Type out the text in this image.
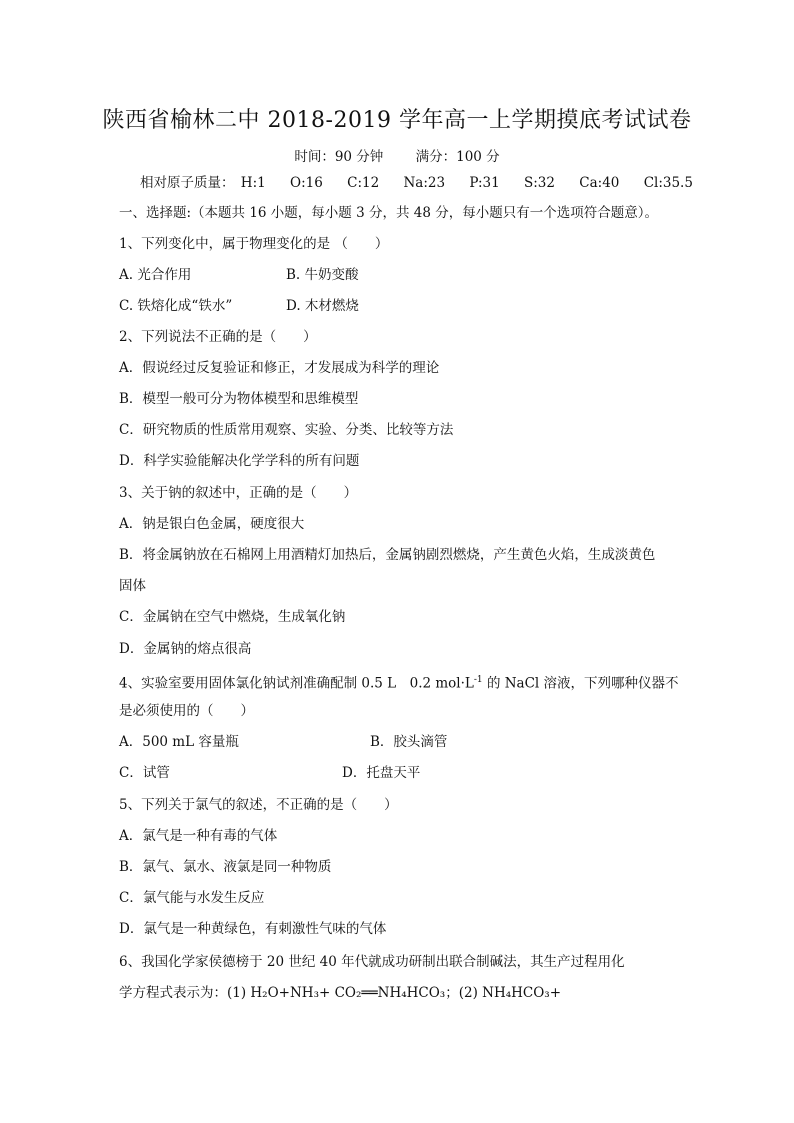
陕西省榆林二中 2018-2019 学年高一上学期摸底考试试卷
时间：90 分钟 满分：100 分
相对原子质量： H:1 O:16 C:12 Na:23 P:31 S:32 Ca:40 Cl:35.5
一、选择题:（本题共 16 小题，每小题 3 分，共 48 分，每小题只有一个选项符合题意）。
1、下列变化中，属于物理变化的是 （　　）
A. 光合作用	B. 牛奶变酸
C. 铁熔化成“铁水”	D. 木材燃烧
2、下列说法不正确的是（　　）
A．假说经过反复验证和修正，才发展成为科学的理论
B．模型一般可分为物体模型和思维模型
C．研究物质的性质常用观察、实验、分类、比较等方法
D．科学实验能解决化学学科的所有问题
3、关于钠的叙述中，正确的是（　　）
A．钠是银白色金属，硬度很大
B．将金属钠放在石棉网上用酒精灯加热后，金属钠剧烈燃烧，产生黄色火焰，生成淡黄色
固体
C．金属钠在空气中燃烧，生成氧化钠
D．金属钠的熔点很高
4、实验室要用固体氯化钠试剂准确配制 0.5 L　0.2 $mol\cdot L^{-1}$ 的 NaCl 溶液，下列哪种仪器不
是必须使用的（　　）
A．500 mL 容量瓶	B．胶头滴管
C．试管	D．托盘天平
5、下列关于氯气的叙述，不正确的是（　　）
A．氯气是一种有毒的气体
B．氯气、氯水、液氯是同一种物质
C．氯气能与水发生反应
D．氯气是一种黄绿色，有刺激性气味的气体
6、我国化学家侯德榜于 20 世纪 40 年代就成功研制出联合制碱法，其生产过程用化
学方程式表示为：(1) H₂O+NH₃+ CO₂══NH₄HCO₃；(2) NH₄HCO₃+
